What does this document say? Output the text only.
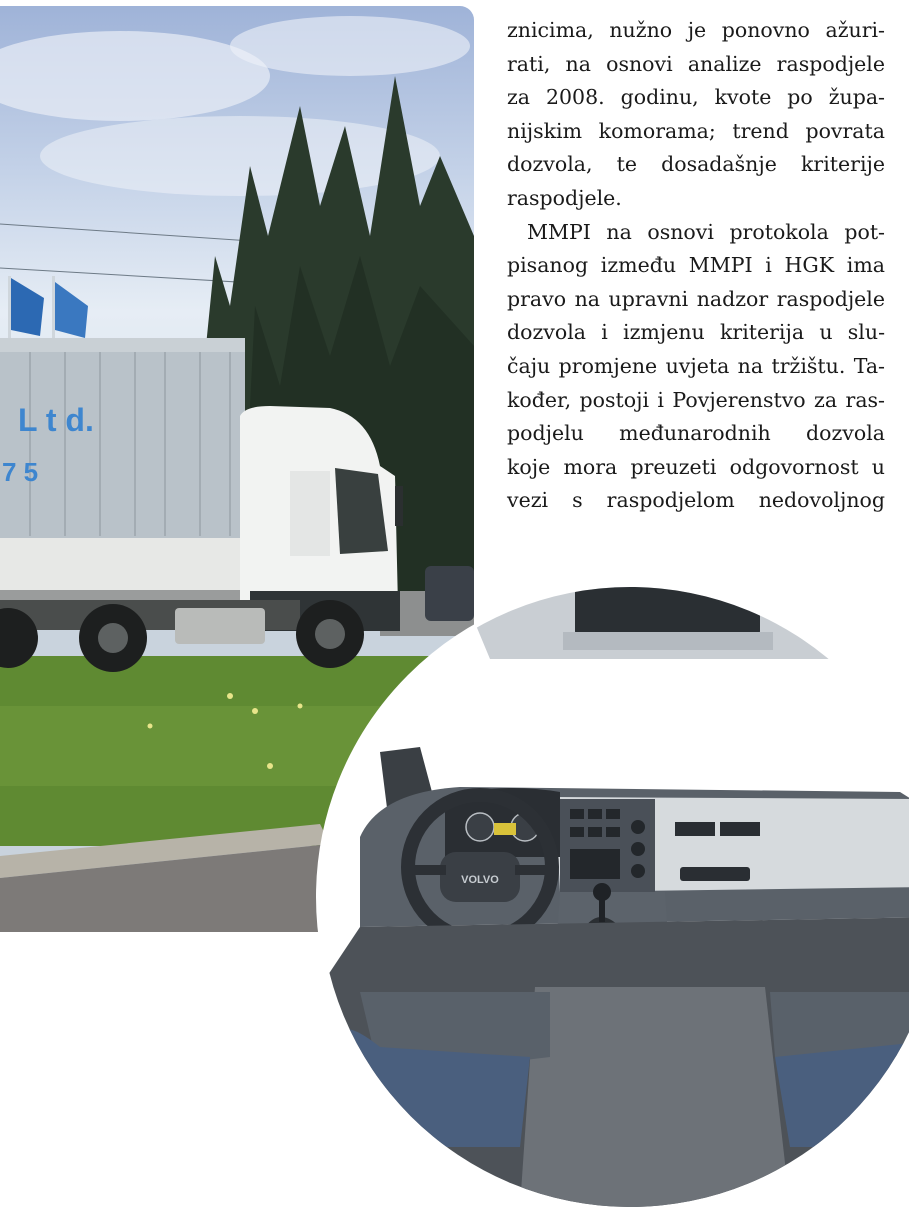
L t d.
7 5

znicima, nužno je ponovno ažuri-
rati, na osnovi analize raspodjele
za 2008. godinu, kvote po župa-
nijskim komorama; trend povrata
dozvola, te dosadašnje kriterije
raspodjele.

MMPI na osnovi protokola pot-
pisanog između MMPI i HGK ima
pravo na upravni nadzor raspodjele
dozvola i izmjenu kriterija u slu-
čaju promjene uvjeta na tržištu. Ta-
kođer, postoji i Povjerenstvo za ras-
podjelu međunarodnih dozvola
koje mora preuzeti odgovornost u
vezi s raspodjelom nedovoljnog

VOLVO
